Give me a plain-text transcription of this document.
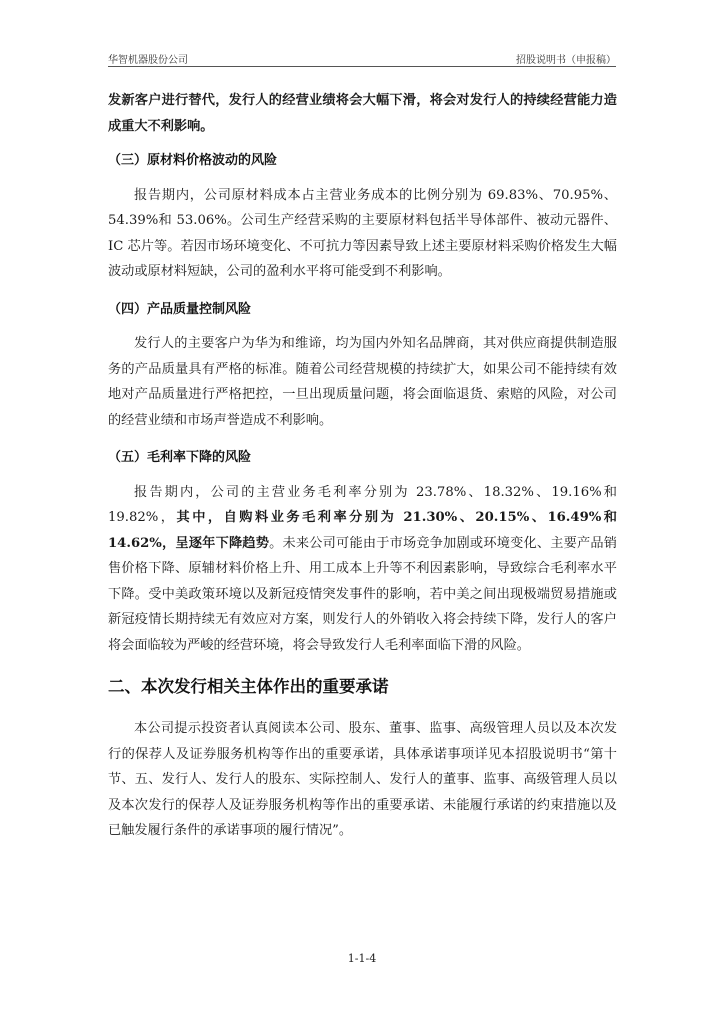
华智机器股份公司	招股说明书（申报稿）

发新客户进行替代，发行人的经营业绩将会大幅下滑，将会对发行人的持续经营能力造成重大不利影响。

（三）原材料价格波动的风险

报告期内，公司原材料成本占主营业务成本的比例分别为 69.83%、70.95%、54.39%和 53.06%。公司生产经营采购的主要原材料包括半导体部件、被动元器件、IC 芯片等。若因市场环境变化、不可抗力等因素导致上述主要原材料采购价格发生大幅波动或原材料短缺，公司的盈利水平将可能受到不利影响。

（四）产品质量控制风险

发行人的主要客户为华为和维谛，均为国内外知名品牌商，其对供应商提供制造服务的产品质量具有严格的标准。随着公司经营规模的持续扩大，如果公司不能持续有效地对产品质量进行严格把控，一旦出现质量问题，将会面临退货、索赔的风险，对公司的经营业绩和市场声誉造成不利影响。

（五）毛利率下降的风险

报告期内，公司的主营业务毛利率分别为 23.78%、18.32%、19.16%和 19.82%，其中，自购料业务毛利率分别为 21.30%、20.15%、16.49%和 14.62%，呈逐年下降趋势。未来公司可能由于市场竞争加剧或环境变化、主要产品销售价格下降、原辅材料价格上升、用工成本上升等不利因素影响，导致综合毛利率水平下降。受中美政策环境以及新冠疫情突发事件的影响，若中美之间出现极端贸易措施或新冠疫情长期持续无有效应对方案，则发行人的外销收入将会持续下降，发行人的客户将会面临较为严峻的经营环境，将会导致发行人毛利率面临下滑的风险。

二、本次发行相关主体作出的重要承诺

本公司提示投资者认真阅读本公司、股东、董事、监事、高级管理人员以及本次发行的保荐人及证券服务机构等作出的重要承诺，具体承诺事项详见本招股说明书“第十节、五、发行人、发行人的股东、实际控制人、发行人的董事、监事、高级管理人员以及本次发行的保荐人及证券服务机构等作出的重要承诺、未能履行承诺的约束措施以及已触发履行条件的承诺事项的履行情况”。

1-1-4
